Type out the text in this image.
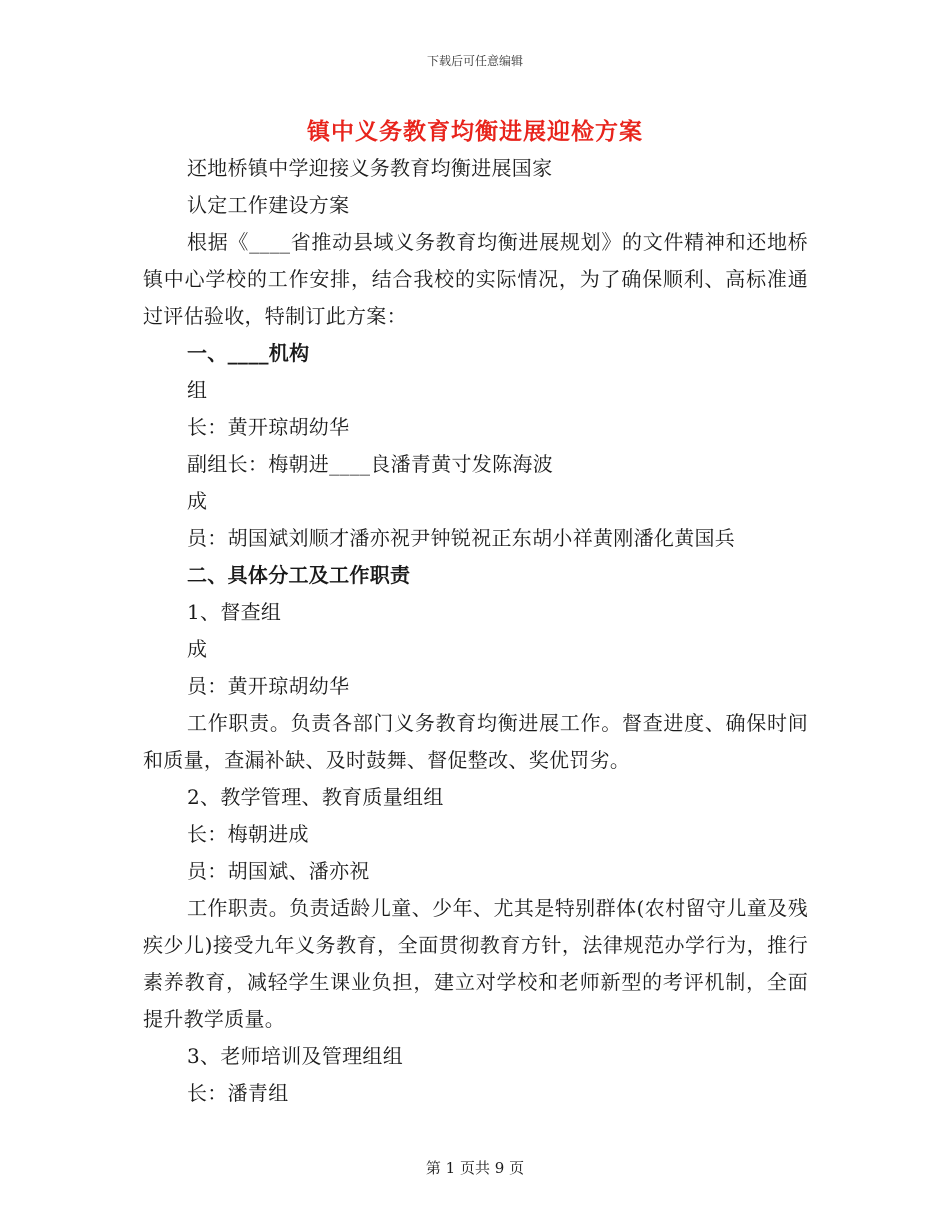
下载后可任意编辑
镇中义务教育均衡进展迎检方案

还地桥镇中学迎接义务教育均衡进展国家

认定工作建设方案

根据《____省推动县域义务教育均衡进展规划》的文件精神和还地桥镇中心学校的工作安排，结合我校的实际情况，为了确保顺利、高标准通过评估验收，特制订此方案：

一、____机构

组

长：黄开琼胡幼华

副组长：梅朝进____良潘青黄寸发陈海波

成

员：胡国斌刘顺才潘亦祝尹钟锐祝正东胡小祥黄刚潘化黄国兵

二、具体分工及工作职责

1、督查组

成

员：黄开琼胡幼华

工作职责。负责各部门义务教育均衡进展工作。督查进度、确保时间和质量，查漏补缺、及时鼓舞、督促整改、奖优罚劣。

2、教学管理、教育质量组组

长：梅朝进成

员：胡国斌、潘亦祝

工作职责。负责适龄儿童、少年、尤其是特别群体(农村留守儿童及残疾少儿)接受九年义务教育，全面贯彻教育方针，法律规范办学行为，推行素养教育，减轻学生课业负担，建立对学校和老师新型的考评机制，全面提升教学质量。

3、老师培训及管理组组

长：潘青组

第 1 页共 9 页
